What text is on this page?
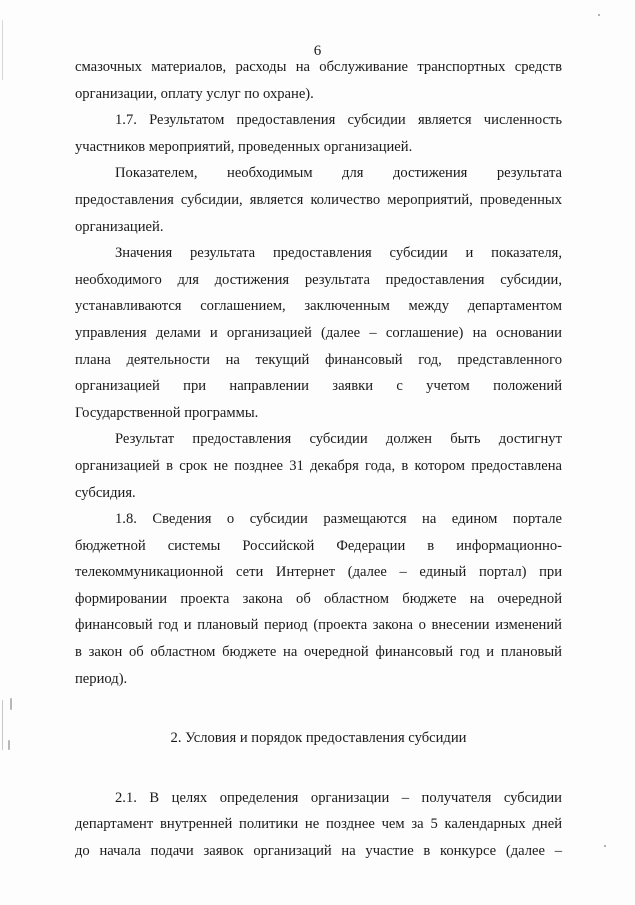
6
смазочных материалов, расходы на обслуживание транспортных средств
организации, оплату услуг по охране).
1.7. Результатом предоставления субсидии является численность
участников мероприятий, проведенных организацией.
Показателем, необходимым для достижения результата
предоставления субсидии, является количество мероприятий, проведенных
организацией.
Значения результата предоставления субсидии и показателя,
необходимого для достижения результата предоставления субсидии,
устанавливаются соглашением, заключенным между департаментом
управления делами и организацией (далее – соглашение) на основании
плана деятельности на текущий финансовый год, представленного
организацией при направлении заявки с учетом положений
Государственной программы.
Результат предоставления субсидии должен быть достигнут
организацией в срок не позднее 31 декабря года, в котором предоставлена
субсидия.
1.8. Сведения о субсидии размещаются на едином портале
бюджетной системы Российской Федерации в информационно-
телекоммуникационной сети Интернет (далее – единый портал) при
формировании проекта закона об областном бюджете на очередной
финансовый год и плановый период (проекта закона о внесении изменений
в закон об областном бюджете на очередной финансовый год и плановый
период).
2. Условия и порядок предоставления субсидии
2.1. В целях определения организации – получателя субсидии
департамент внутренней политики не позднее чем за 5 календарных дней
до начала подачи заявок организаций на участие в конкурсе (далее –
